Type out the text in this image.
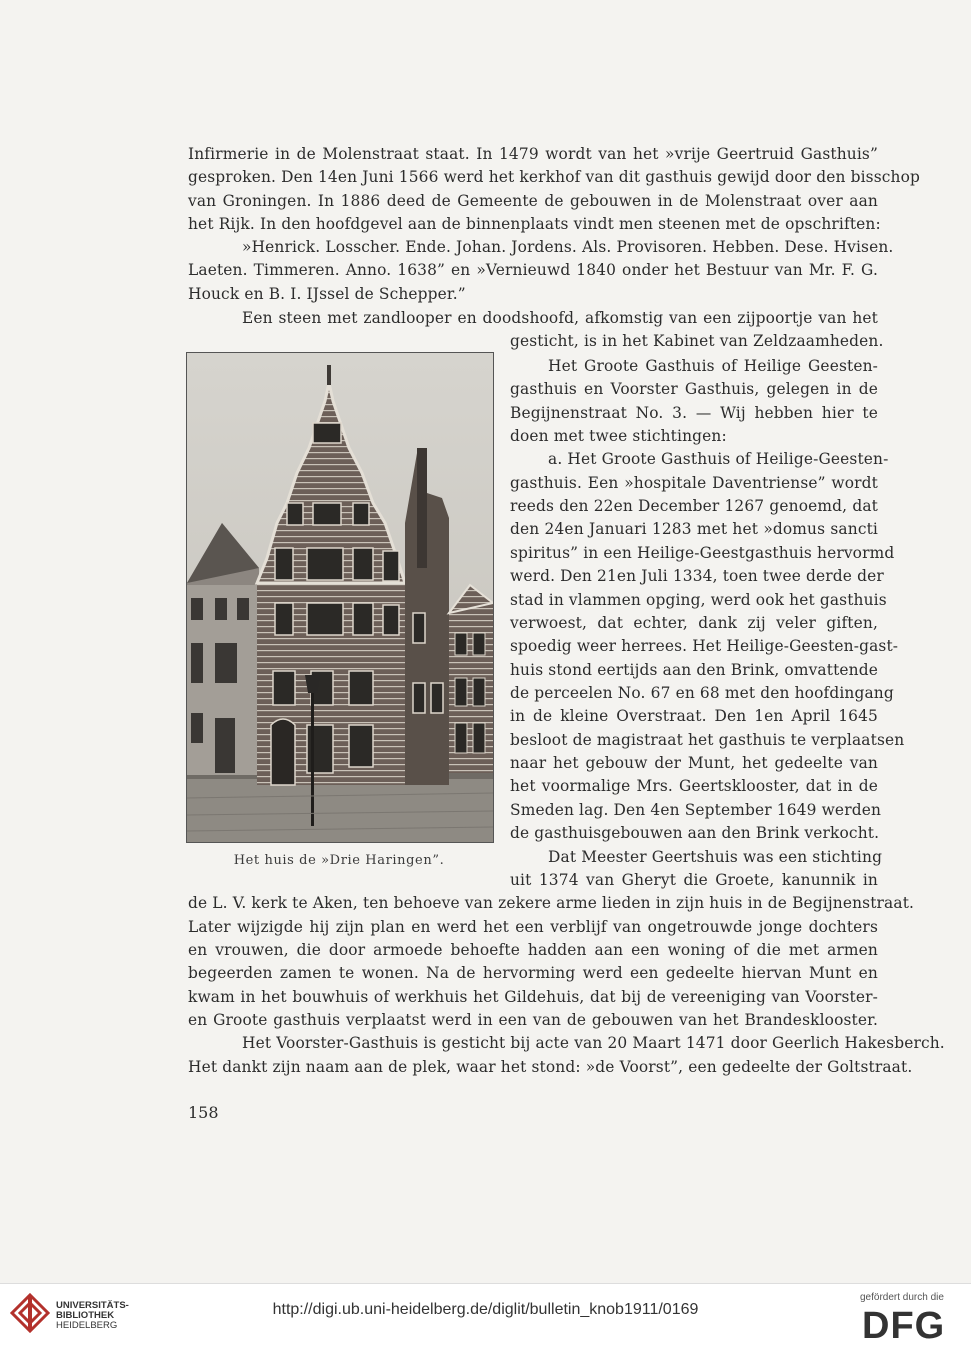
Infirmerie in de Molenstraat staat. In 1479 wordt van het »vrije Geertruid Gasthuis”
gesproken. Den 14en Juni 1566 werd het kerkhof van dit gasthuis gewijd door den bisschop
van Groningen. In 1886 deed de Gemeente de gebouwen in de Molenstraat over aan
het Rijk. In den hoofdgevel aan de binnenplaats vindt men steenen met de opschriften:
»Henrick. Losscher. Ende. Johan. Jordens. Als. Provisoren. Hebben. Dese. Hvisen.
Laeten. Timmeren. Anno. 1638” en »Vernieuwd 1840 onder het Bestuur van Mr. F. G.
Houck en B. I. IJssel de Schepper.”
Een steen met zandlooper en doodshoofd, afkomstig van een zijpoortje van het
gesticht, is in het Kabinet van Zeldzaamheden.
Het huis de »Drie Haringen”.
Het Groote Gasthuis of Heilige Geesten-
gasthuis en Voorster Gasthuis, gelegen in de
Begijnenstraat No. 3. — Wij hebben hier te
doen met twee stichtingen:
a. Het Groote Gasthuis of Heilige-Geesten-
gasthuis. Een »hospitale Daventriense” wordt
reeds den 22en December 1267 genoemd, dat
den 24en Januari 1283 met het »domus sancti
spiritus” in een Heilige-Geestgasthuis hervormd
werd. Den 21en Juli 1334, toen twee derde der
stad in vlammen opging, werd ook het gasthuis
verwoest, dat echter, dank zij veler giften,
spoedig weer herrees. Het Heilige-Geesten-gast-
huis stond eertijds aan den Brink, omvattende
de perceelen No. 67 en 68 met den hoofdingang
in de kleine Overstraat. Den 1en April 1645
besloot de magistraat het gasthuis te verplaatsen
naar het gebouw der Munt, het gedeelte van
het voormalige Mrs. Geertsklooster, dat in de
Smeden lag. Den 4en September 1649 werden
de gasthuisgebouwen aan den Brink verkocht.
Dat Meester Geertshuis was een stichting
uit 1374 van Gheryt die Groete, kanunnik in
de L. V. kerk te Aken, ten behoeve van zekere arme lieden in zijn huis in de Begijnenstraat.
Later wijzigde hij zijn plan en werd het een verblijf van ongetrouwde jonge dochters
en vrouwen, die door armoede behoefte hadden aan een woning of die met armen
begeerden zamen te wonen. Na de hervorming werd een gedeelte hiervan Munt en
kwam in het bouwhuis of werkhuis het Gildehuis, dat bij de vereeniging van Voorster-
en Groote gasthuis verplaatst werd in een van de gebouwen van het Brandesklooster.
Het Voorster-Gasthuis is gesticht bij acte van 20 Maart 1471 door Geerlich Hakesberch.
Het dankt zijn naam aan de plek, waar het stond: »de Voorst”, een gedeelte der Goltstraat.
158
UNIVERSITÄTS-
BIBLIOTHEK
HEIDELBERG
http://digi.ub.uni-heidelberg.de/diglit/bulletin_knob1911/0169
gefördert durch die
DFG
